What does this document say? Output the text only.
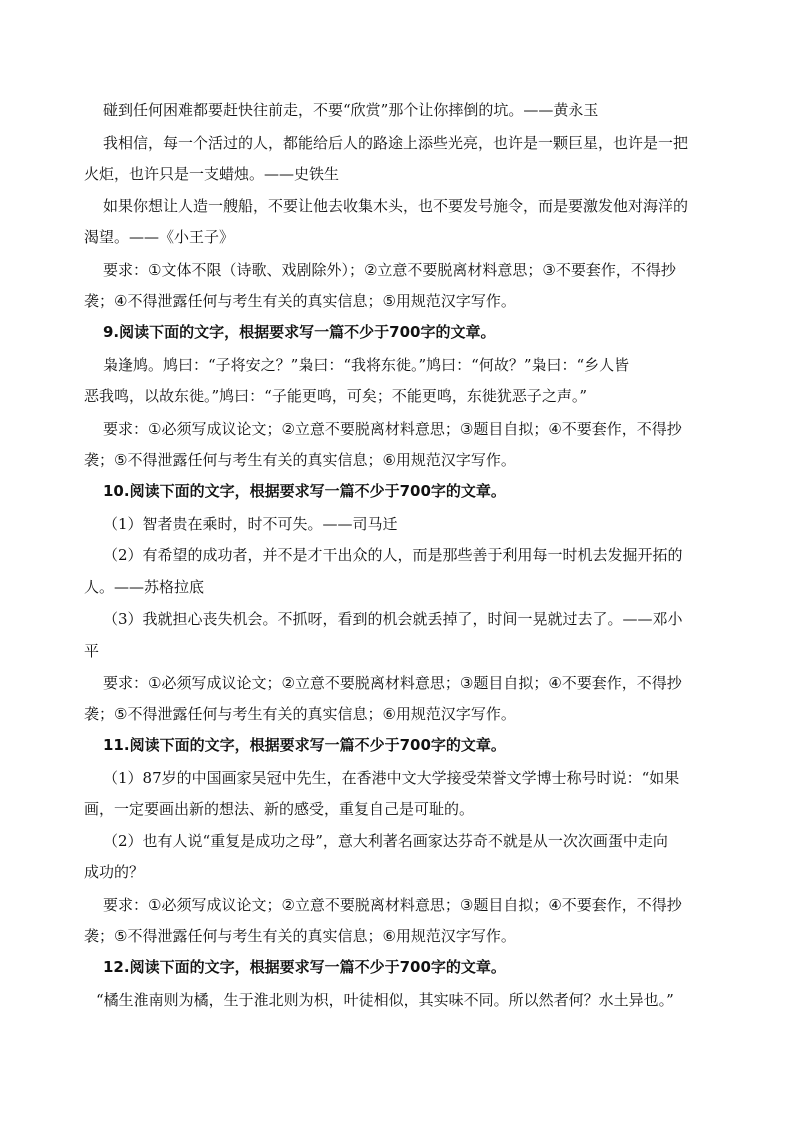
碰到任何困难都要赶快往前走，不要“欣赏”那个让你摔倒的坑。——黄永玉
我相信，每一个活过的人，都能给后人的路途上添些光亮，也许是一颗巨星，也许是一把
火炬，也许只是一支蜡烛。——史铁生
如果你想让人造一艘船，不要让他去收集木头，也不要发号施令，而是要激发他对海洋的
渴望。——《小王子》
要求：①文体不限（诗歌、戏剧除外）；②立意不要脱离材料意思；③不要套作，不得抄
袭；④不得泄露任何与考生有关的真实信息；⑤用规范汉字写作。
9.阅读下面的文字，根据要求写一篇不少于700字的文章。
枭逢鸠。鸠曰：“子将安之？”枭曰：“我将东徙。”鸠曰：“何故？”枭曰：“乡人皆
恶我鸣，以故东徙。”鸠曰：“子能更鸣，可矣；不能更鸣，东徙犹恶子之声。”
要求：①必须写成议论文；②立意不要脱离材料意思；③题目自拟；④不要套作，不得抄
袭；⑤不得泄露任何与考生有关的真实信息；⑥用规范汉字写作。
10.阅读下面的文字，根据要求写一篇不少于700字的文章。
（1）智者贵在乘时，时不可失。——司马迁
（2）有希望的成功者，并不是才干出众的人，而是那些善于利用每一时机去发掘开拓的
人。——苏格拉底
（3）我就担心丧失机会。不抓呀，看到的机会就丢掉了，时间一晃就过去了。——邓小
平
要求：①必须写成议论文；②立意不要脱离材料意思；③题目自拟；④不要套作，不得抄
袭；⑤不得泄露任何与考生有关的真实信息；⑥用规范汉字写作。
11.阅读下面的文字，根据要求写一篇不少于700字的文章。
（1）87岁的中国画家吴冠中先生，在香港中文大学接受荣誉文学博士称号时说：“如果
画，一定要画出新的想法、新的感受，重复自己是可耻的。
（2）也有人说“重复是成功之母”，意大利著名画家达芬奇不就是从一次次画蛋中走向
成功的？
要求：①必须写成议论文；②立意不要脱离材料意思；③题目自拟；④不要套作，不得抄
袭；⑤不得泄露任何与考生有关的真实信息；⑥用规范汉字写作。
12.阅读下面的文字，根据要求写一篇不少于700字的文章。
“橘生淮南则为橘，生于淮北则为枳，叶徒相似，其实味不同。所以然者何？水土异也。”
